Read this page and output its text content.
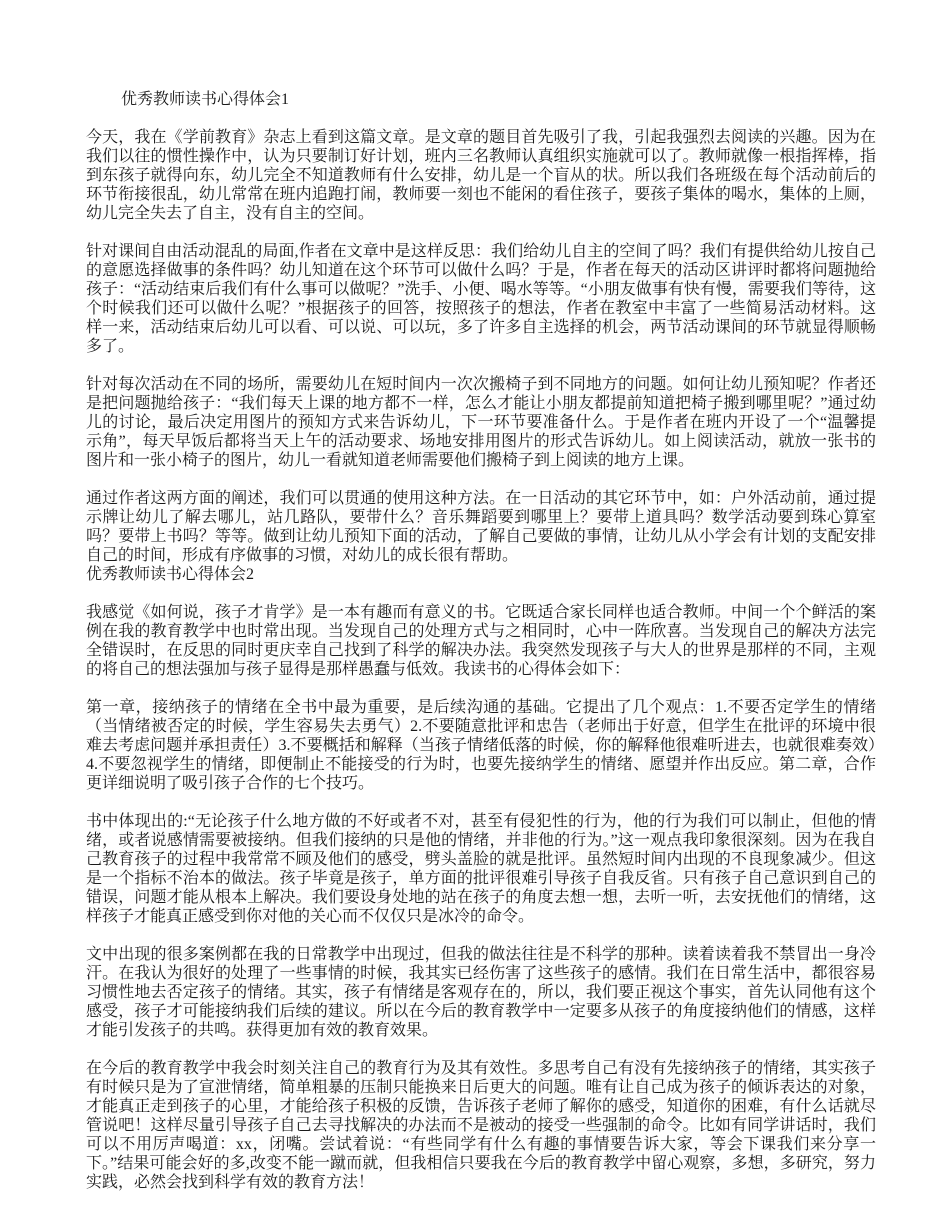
优秀教师读书心得体会1

今天，我在《学前教育》杂志上看到这篇文章。是文章的题目首先吸引了我，引起我强烈去阅读的兴趣。因为在我们以往的惯性操作中，认为只要制订好计划，班内三名教师认真组织实施就可以了。教师就像一根指挥棒，指到东孩子就得向东，幼儿完全不知道教师有什么安排，幼儿是一个盲从的状。所以我们各班级在每个活动前后的环节衔接很乱，幼儿常常在班内追跑打闹，教师要一刻也不能闲的看住孩子，要孩子集体的喝水，集体的上厕，幼儿完全失去了自主，没有自主的空间。

针对课间自由活动混乱的局面,作者在文章中是这样反思：我们给幼儿自主的空间了吗？我们有提供给幼儿按自己的意愿选择做事的条件吗？幼儿知道在这个环节可以做什么吗？于是，作者在每天的活动区讲评时都将问题抛给孩子：“活动结束后我们有什么事可以做呢？”洗手、小便、喝水等等。“小朋友做事有快有慢，需要我们等待，这个时候我们还可以做什么呢？”根据孩子的回答，按照孩子的想法，作者在教室中丰富了一些简易活动材料。这样一来，活动结束后幼儿可以看、可以说、可以玩，多了许多自主选择的机会，两节活动课间的环节就显得顺畅多了。

针对每次活动在不同的场所，需要幼儿在短时间内一次次搬椅子到不同地方的问题。如何让幼儿预知呢？作者还是把问题抛给孩子：“我们每天上课的地方都不一样，怎么才能让小朋友都提前知道把椅子搬到哪里呢？”通过幼儿的讨论，最后决定用图片的预知方式来告诉幼儿，下一环节要准备什么。于是作者在班内开设了一个“温馨提示角”，每天早饭后都将当天上午的活动要求、场地安排用图片的形式告诉幼儿。如上阅读活动，就放一张书的图片和一张小椅子的图片，幼儿一看就知道老师需要他们搬椅子到上阅读的地方上课。

通过作者这两方面的阐述，我们可以贯通的使用这种方法。在一日活动的其它环节中，如：户外活动前，通过提示牌让幼儿了解去哪儿，站几路队，要带什么？音乐舞蹈要到哪里上？要带上道具吗？数学活动要到珠心算室吗？要带上书吗？等等。做到让幼儿预知下面的活动，了解自己要做的事情，让幼儿从小学会有计划的支配安排自己的时间，形成有序做事的习惯，对幼儿的成长很有帮助。

优秀教师读书心得体会2

我感觉《如何说，孩子才肯学》是一本有趣而有意义的书。它既适合家长同样也适合教师。中间一个个鲜活的案例在我的教育教学中也时常出现。当发现自己的处理方式与之相同时，心中一阵欣喜。当发现自己的解决方法完全错误时，在反思的同时更庆幸自己找到了科学的解决办法。我突然发现孩子与大人的世界是那样的不同，主观的将自己的想法强加与孩子显得是那样愚蠢与低效。我读书的心得体会如下：

第一章，接纳孩子的情绪在全书中最为重要，是后续沟通的基础。它提出了几个观点：1.不要否定学生的情绪（当情绪被否定的时候，学生容易失去勇气）2.不要随意批评和忠告（老师出于好意，但学生在批评的环境中很难去考虑问题并承担责任）3.不要概括和解释（当孩子情绪低落的时候，你的解释他很难听进去，也就很难奏效）4.不要忽视学生的情绪，即便制止不能接受的行为时，也要先接纳学生的情绪、愿望并作出反应。第二章，合作更详细说明了吸引孩子合作的七个技巧。

书中体现出的:“无论孩子什么地方做的不好或者不对，甚至有侵犯性的行为，他的行为我们可以制止，但他的情绪，或者说感情需要被接纳。但我们接纳的只是他的情绪，并非他的行为。”这一观点我印象很深刻。因为在我自己教育孩子的过程中我常常不顾及他们的感受，劈头盖脸的就是批评。虽然短时间内出现的不良现象减少。但这是一个指标不治本的做法。孩子毕竟是孩子，单方面的批评很难引导孩子自我反省。只有孩子自己意识到自己的错误，问题才能从根本上解决。我们要设身处地的站在孩子的角度去想一想，去听一听，去安抚他们的情绪，这样孩子才能真正感受到你对他的关心而不仅仅只是冰冷的命令。

文中出现的很多案例都在我的日常教学中出现过，但我的做法往往是不科学的那种。读着读着我不禁冒出一身冷汗。在我认为很好的处理了一些事情的时候，我其实已经伤害了这些孩子的感情。我们在日常生活中，都很容易习惯性地去否定孩子的情绪。其实，孩子有情绪是客观存在的，所以，我们要正视这个事实，首先认同他有这个感受，孩子才可能接纳我们后续的建议。所以在今后的教育教学中一定要多从孩子的角度接纳他们的情感，这样才能引发孩子的共鸣。获得更加有效的教育效果。

在今后的教育教学中我会时刻关注自己的教育行为及其有效性。多思考自己有没有先接纳孩子的情绪，其实孩子有时候只是为了宣泄情绪，简单粗暴的压制只能换来日后更大的问题。唯有让自己成为孩子的倾诉表达的对象，才能真正走到孩子的心里，才能给孩子积极的反馈，告诉孩子老师了解你的感受，知道你的困难，有什么话就尽管说吧！这样尽量引导孩子自己去寻找解决的办法而不是被动的接受一些强制的命令。比如有同学讲话时，我们可以不用厉声喝道：xx，闭嘴。尝试着说：“有些同学有什么有趣的事情要告诉大家，等会下课我们来分享一下。”结果可能会好的多,改变不能一蹴而就，但我相信只要我在今后的教育教学中留心观察，多想，多研究，努力实践，必然会找到科学有效的教育方法！
